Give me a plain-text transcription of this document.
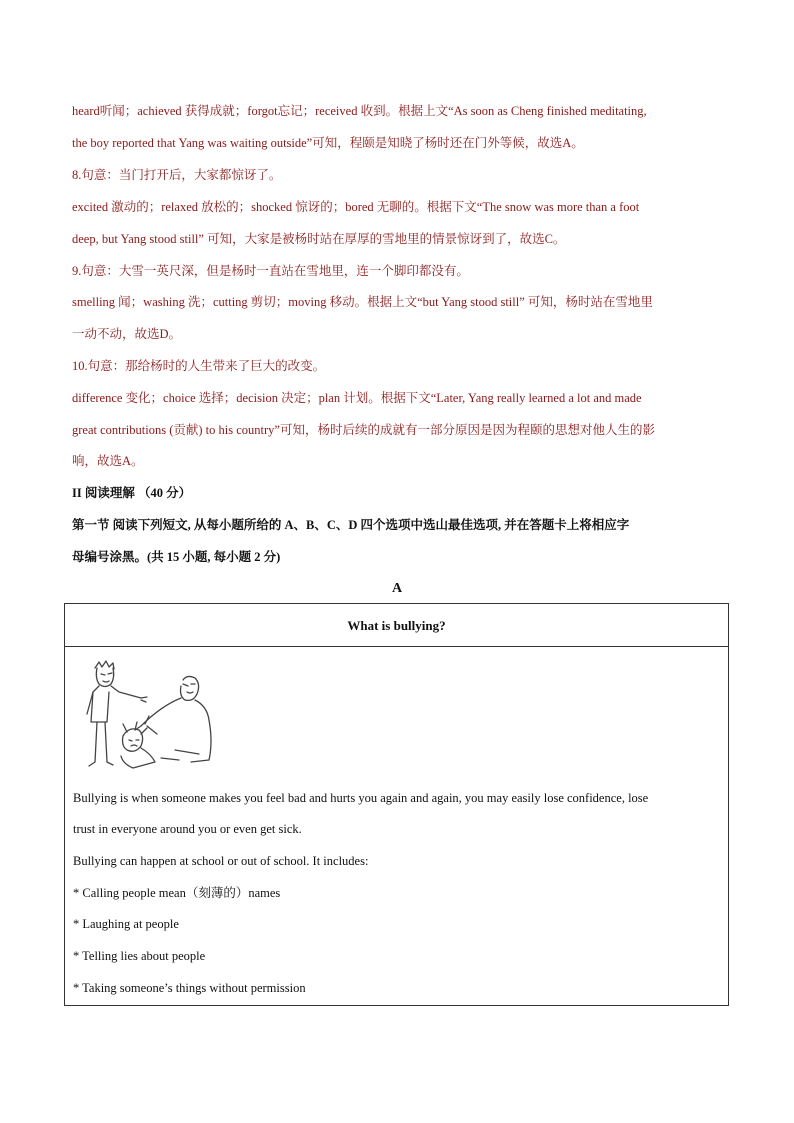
heard听闻；achieved 获得成就；forgot忘记；received 收到。根据上文“As soon as Cheng finished meditating,
the boy reported that Yang was waiting outside”可知，程颐是知晓了杨时还在门外等候，故选A。
8.句意：当门打开后，大家都惊讶了。
excited 激动的；relaxed 放松的；shocked 惊讶的；bored 无聊的。根据下文“The snow was more than a foot
deep, but Yang stood still” 可知，大家是被杨时站在厚厚的雪地里的情景惊讶到了，故选C。
9.句意：大雪一英尺深，但是杨时一直站在雪地里，连一个脚印都没有。
smelling 闻；washing 洗；cutting 剪切；moving 移动。根据上文“but Yang stood still” 可知，杨时站在雪地里
一动不动，故选D。
10.句意：那给杨时的人生带来了巨大的改变。
difference 变化；choice 选择；decision 决定；plan 计划。根据下文“Later, Yang really learned a lot and made
great contributions (贡献) to his country”可知，杨时后续的成就有一部分原因是因为程颐的思想对他人生的影
响，故选A。
II 阅读理解 （40 分）
第一节 阅读下列短文, 从每小题所给的 A、B、C、D 四个选项中选山最佳选项, 并在答题卡上将相应字
母编号涂黑。(共 15 小题, 每小题 2 分)
A
What is bullying?
Bullying is when someone makes you feel bad and hurts you again and again, you may easily lose confidence, lose
trust in everyone around you or even get sick.
Bullying can happen at school or out of school. It includes:
* Calling people mean（刻薄的）names
* Laughing at people
* Telling lies about people
* Taking someone’s things without permission
